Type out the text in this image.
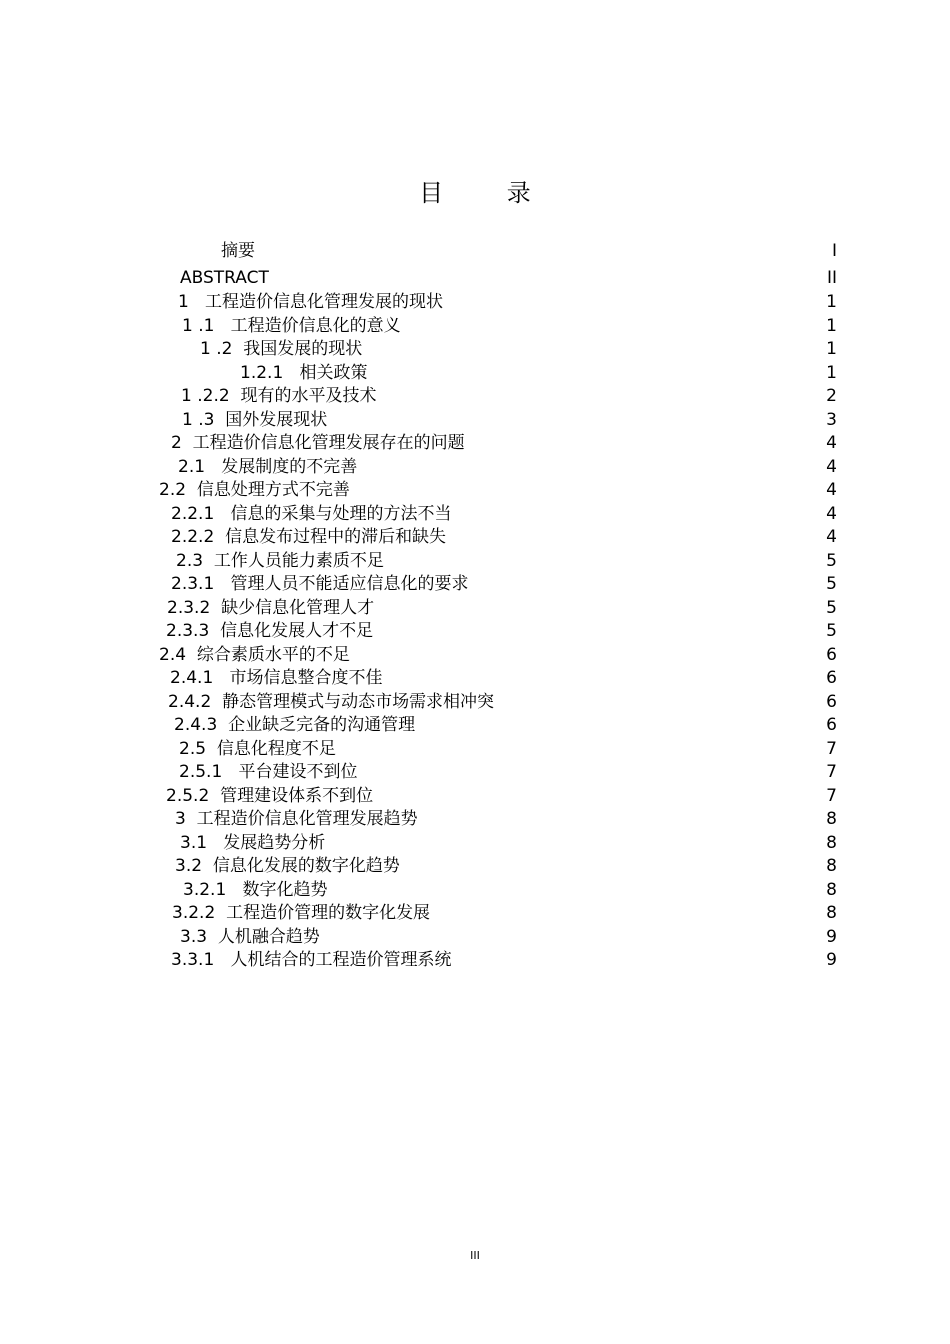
目 录
摘要	I
ABSTRACT	II
1   工程造价信息化管理发展的现状	1
1 .1   工程造价信息化的意义	1
1 .2  我国发展的现状	1
1.2.1   相关政策	1
1 .2.2  现有的水平及技术	2
1 .3  国外发展现状	3
2  工程造价信息化管理发展存在的问题	4
2.1   发展制度的不完善	4
2.2  信息处理方式不完善	4
2.2.1   信息的采集与处理的方法不当	4
2.2.2  信息发布过程中的滞后和缺失	4
2.3  工作人员能力素质不足	5
2.3.1   管理人员不能适应信息化的要求	5
2.3.2  缺少信息化管理人才	5
2.3.3  信息化发展人才不足	5
2.4  综合素质水平的不足	6
2.4.1   市场信息整合度不佳	6
2.4.2  静态管理模式与动态市场需求相冲突	6
2.4.3  企业缺乏完备的沟通管理	6
2.5  信息化程度不足	7
2.5.1   平台建设不到位	7
2.5.2  管理建设体系不到位	7
3  工程造价信息化管理发展趋势	8
3.1   发展趋势分析	8
3.2  信息化发展的数字化趋势	8
3.2.1   数字化趋势	8
3.2.2  工程造价管理的数字化发展	8
3.3  人机融合趋势	9
3.3.1   人机结合的工程造价管理系统	9
III
